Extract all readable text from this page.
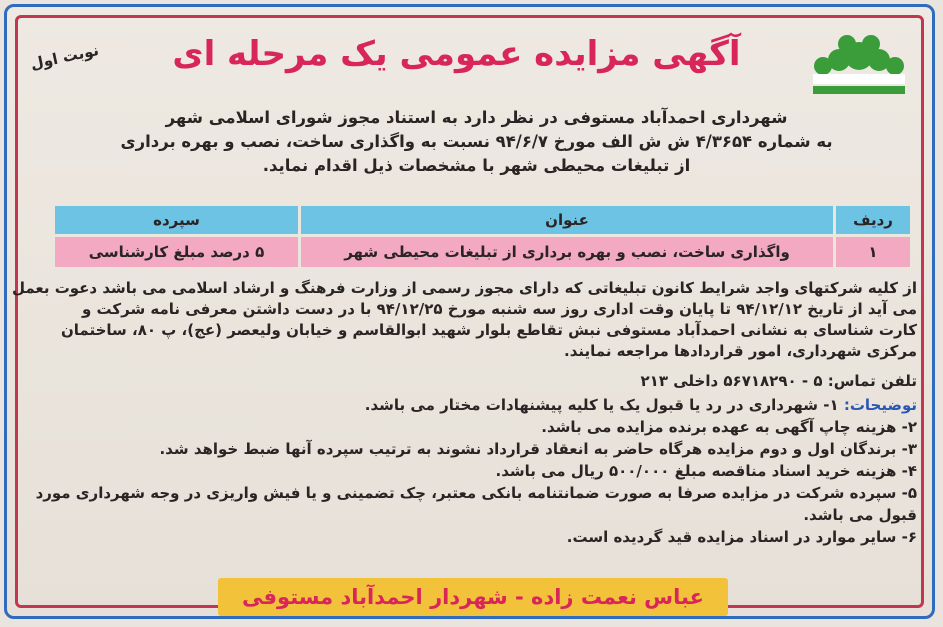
نوبت اول	آگهی مزایده عمومی یک مرحله ای
شهرداری احمدآباد مستوفی در نظر دارد به استناد مجوز شورای اسلامی شهر
به شماره ۴/۳۶۵۴ ش ش الف مورخ ۹۴/۶/۷ نسبت به واگذاری ساخت، نصب و بهره برداری
از تبلیغات محیطی شهر با مشخصات ذیل اقدام نماید.
ردیف	عنوان	سپرده
۱	واگذاری ساخت، نصب و بهره برداری از تبلیغات محیطی شهر	۵ درصد مبلغ کارشناسی

از کلیه شرکتهای واجد شرایط کانون تبلیغاتی که دارای مجوز رسمی از وزارت فرهنگ و ارشاد اسلامی می باشد دعوت بعمل

می آید از تاریخ ۹۴/۱۲/۱۲ تا پایان وقت اداری روز سه شنبه مورخ ۹۴/۱۲/۲۵ با در دست داشتن معرفی نامه شرکت و

کارت شناسای به نشانی احمدآباد مستوفی نبش تقاطع بلوار شهید ابوالقاسم و خیابان ولیعصر (عج)، پ ۸۰، ساختمان

مرکزی شهرداری، امور قراردادها مراجعه نمایند.

تلفن تماس: ۵ - ۵۶۷۱۸۲۹۰ داخلی ۲۱۳
توضیحات: ۱- شهرداری در رد یا قبول یک یا کلیه پیشنهادات مختار می باشد.
۲- هزینه چاپ آگهی به عهده برنده مزایده می باشد.
۳- برندگان اول و دوم مزایده هرگاه حاضر به انعقاد قرارداد نشوند به ترتیب سپرده آنها ضبط خواهد شد.
۴- هزینه خرید اسناد مناقصه مبلغ ۵۰۰/۰۰۰ ریال می باشد.
۵- سپرده شرکت در مزایده صرفا به صورت ضمانتنامه بانکی معتبر، چک تضمینی و یا فیش واریزی در وجه شهرداری مورد
قبول می باشد.
۶- سایر موارد در اسناد مزایده قید گردیده است.
عباس نعمت زاده - شهردار احمدآباد مستوفی
